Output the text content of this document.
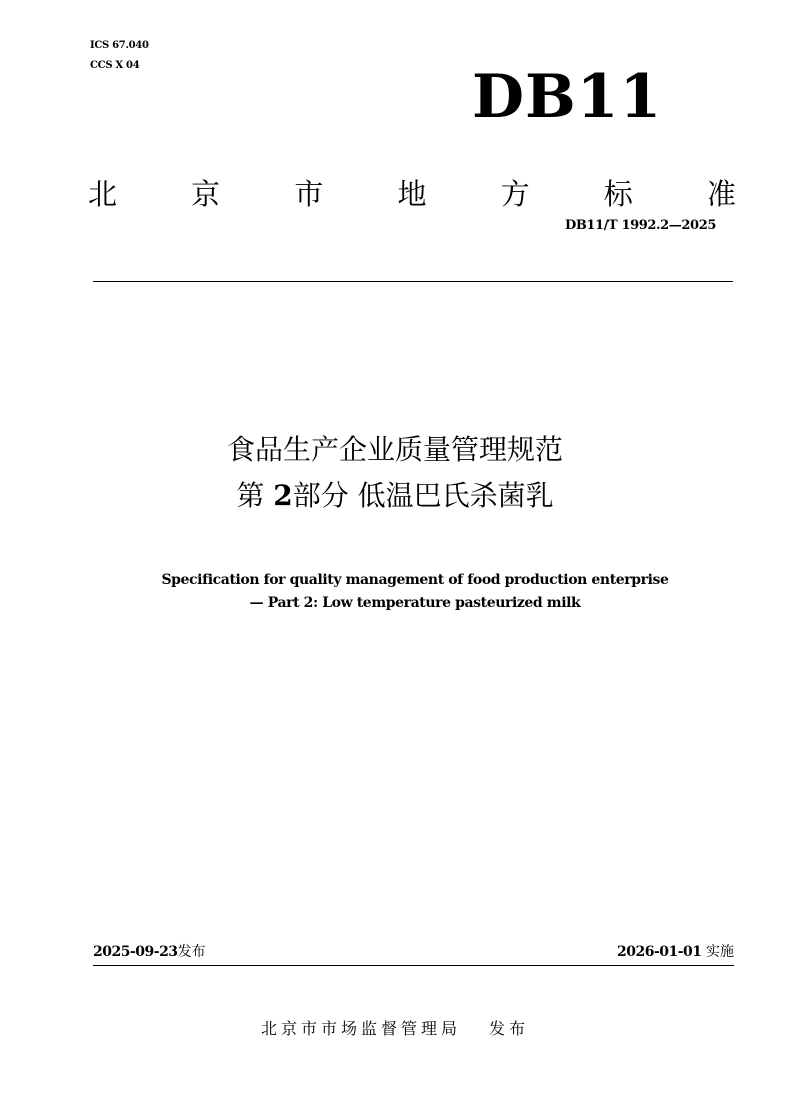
ICS 67.040
CCS X 04	DB11
北	京	市	地	方	标	准
DB11/T 1992.2—2025
食品生产企业质量管理规范
第 2部分 低温巴氏杀菌乳
Specification for quality management of food production enterprise
— Part 2: Low temperature pasteurized milk
2025-09-23发布	2026-01-01 实施
北京市市场监督管理局 发布
